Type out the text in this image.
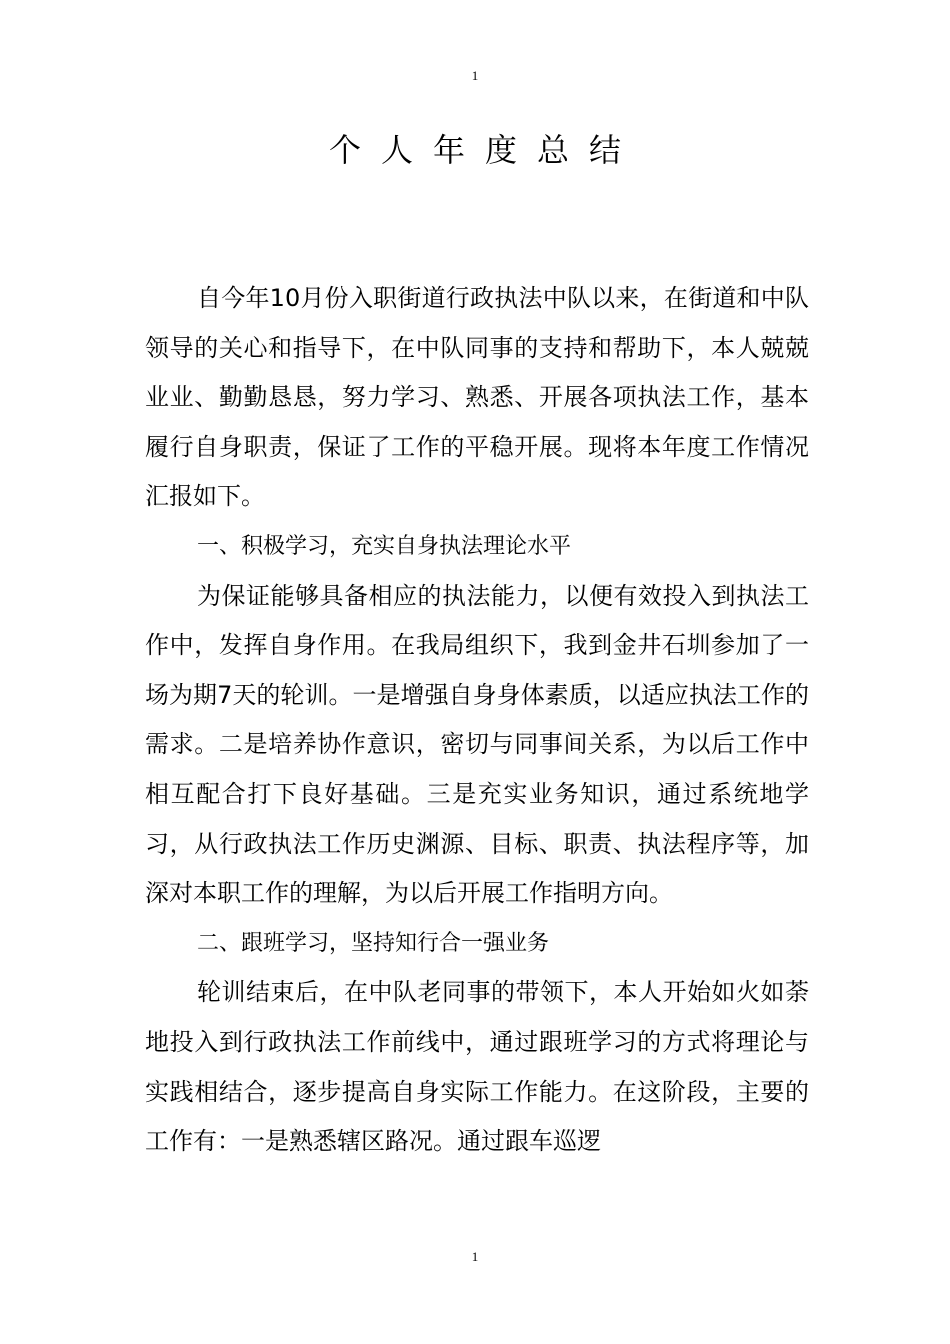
1
个人年度总结

自今年10月份入职街道行政执法中队以来，在街道和中队领导的关心和指导下，在中队同事的支持和帮助下，本人兢兢业业、勤勤恳恳，努力学习、熟悉、开展各项执法工作，基本履行自身职责，保证了工作的平稳开展。现将本年度工作情况汇报如下。

一、积极学习，充实自身执法理论水平

为保证能够具备相应的执法能力，以便有效投入到执法工作中，发挥自身作用。在我局组织下，我到金井石圳参加了一场为期7天的轮训。一是增强自身身体素质，以适应执法工作的需求。二是培养协作意识，密切与同事间关系，为以后工作中相互配合打下良好基础。三是充实业务知识，通过系统地学习，从行政执法工作历史渊源、目标、职责、执法程序等，加深对本职工作的理解，为以后开展工作指明方向。

二、跟班学习，坚持知行合一强业务

轮训结束后，在中队老同事的带领下，本人开始如火如荼地投入到行政执法工作前线中，通过跟班学习的方式将理论与实践相结合，逐步提高自身实际工作能力。在这阶段，主要的工作有：一是熟悉辖区路况。通过跟车巡逻

1
